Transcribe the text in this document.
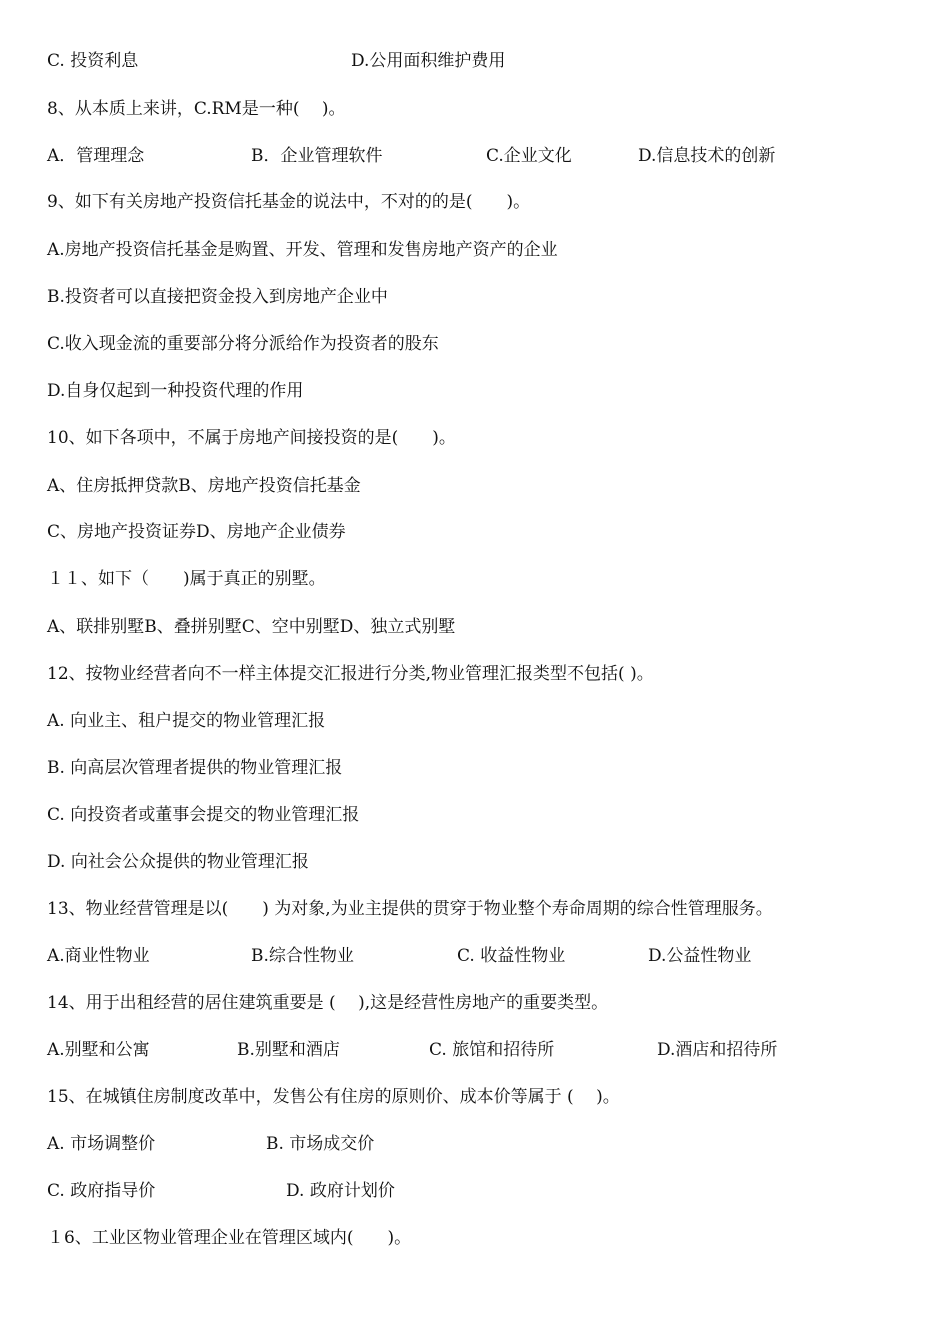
C. 投资利息	D.公用面积维护费用
8、从本质上来讲，C.RM是一种(　 )。
A．管理理念	B．企业管理软件	C.企业文化	D.信息技术的创新
9、如下有关房地产投资信托基金的说法中，不对的的是(　　)。
A.房地产投资信托基金是购置、开发、管理和发售房地产资产的企业
B.投资者可以直接把资金投入到房地产企业中
C.收入现金流的重要部分将分派给作为投资者的股东
D.自身仅起到一种投资代理的作用
10、如下各项中，不属于房地产间接投资的是(　　)。
A、住房抵押贷款B、房地产投资信托基金
C、房地产投资证券D、房地产企业债券
１１、如下（　　)属于真正的别墅。
A、联排别墅B、叠拼别墅C、空中别墅D、独立式别墅
12、按物业经营者向不一样主体提交汇报进行分类,物业管理汇报类型不包括( )。
A. 向业主、租户提交的物业管理汇报
B. 向高层次管理者提供的物业管理汇报
C. 向投资者或董事会提交的物业管理汇报
D. 向社会公众提供的物业管理汇报
13、物业经营管理是以(　　) 为对象,为业主提供的贯穿于物业整个寿命周期的综合性管理服务。
A.商业性物业	B.综合性物业	C. 收益性物业	D.公益性物业
14、用于出租经营的居住建筑重要是 (　 ),这是经营性房地产的重要类型。
A.别墅和公寓	B.别墅和酒店	C. 旅馆和招待所	D.酒店和招待所
15、在城镇住房制度改革中，发售公有住房的原则价、成本价等属于 (　 )。
A. 市场调整价	B. 市场成交价
C. 政府指导价	D. 政府计划价
１6、工业区物业管理企业在管理区域内(　　)。
